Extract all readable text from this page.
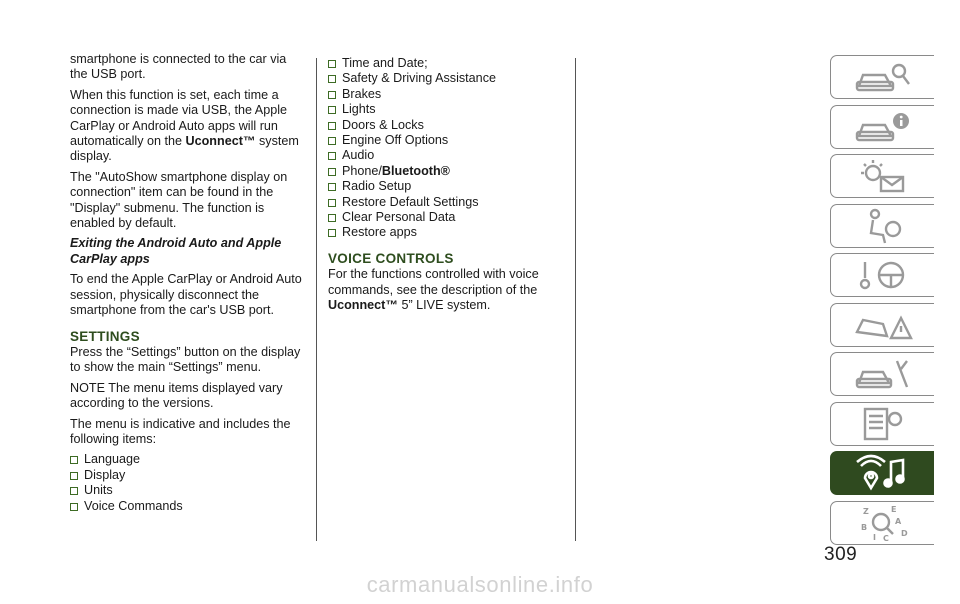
smartphone is connected to the car via the USB port.

When this function is set, each time a connection is made via USB, the Apple CarPlay or Android Auto apps will run automatically on the Uconnect™ system display.

The "AutoShow smartphone display on connection" item can be found in the "Display" submenu. The function is enabled by default.

Exiting the Android Auto and Apple CarPlay apps

To end the Apple CarPlay or Android Auto session, physically disconnect the smartphone from the car's USB port.

SETTINGS

Press the “Settings” button on the display to show the main “Settings” menu.

NOTE The menu items displayed vary according to the versions.

The menu is indicative and includes the following items:

Language
Display
Units
Voice Commands
Time and Date;
Safety & Driving Assistance
Brakes
Lights
Doors & Locks
Engine Off Options
Audio
Phone/Bluetooth®
Radio Setup
Restore Default Settings
Clear Personal Data
Restore apps
VOICE CONTROLS

For the functions controlled with voice commands, see the description of the Uconnect™ 5” LIVE system.

Z	E
A
B
D
I C
309
carmanualsonline.info
